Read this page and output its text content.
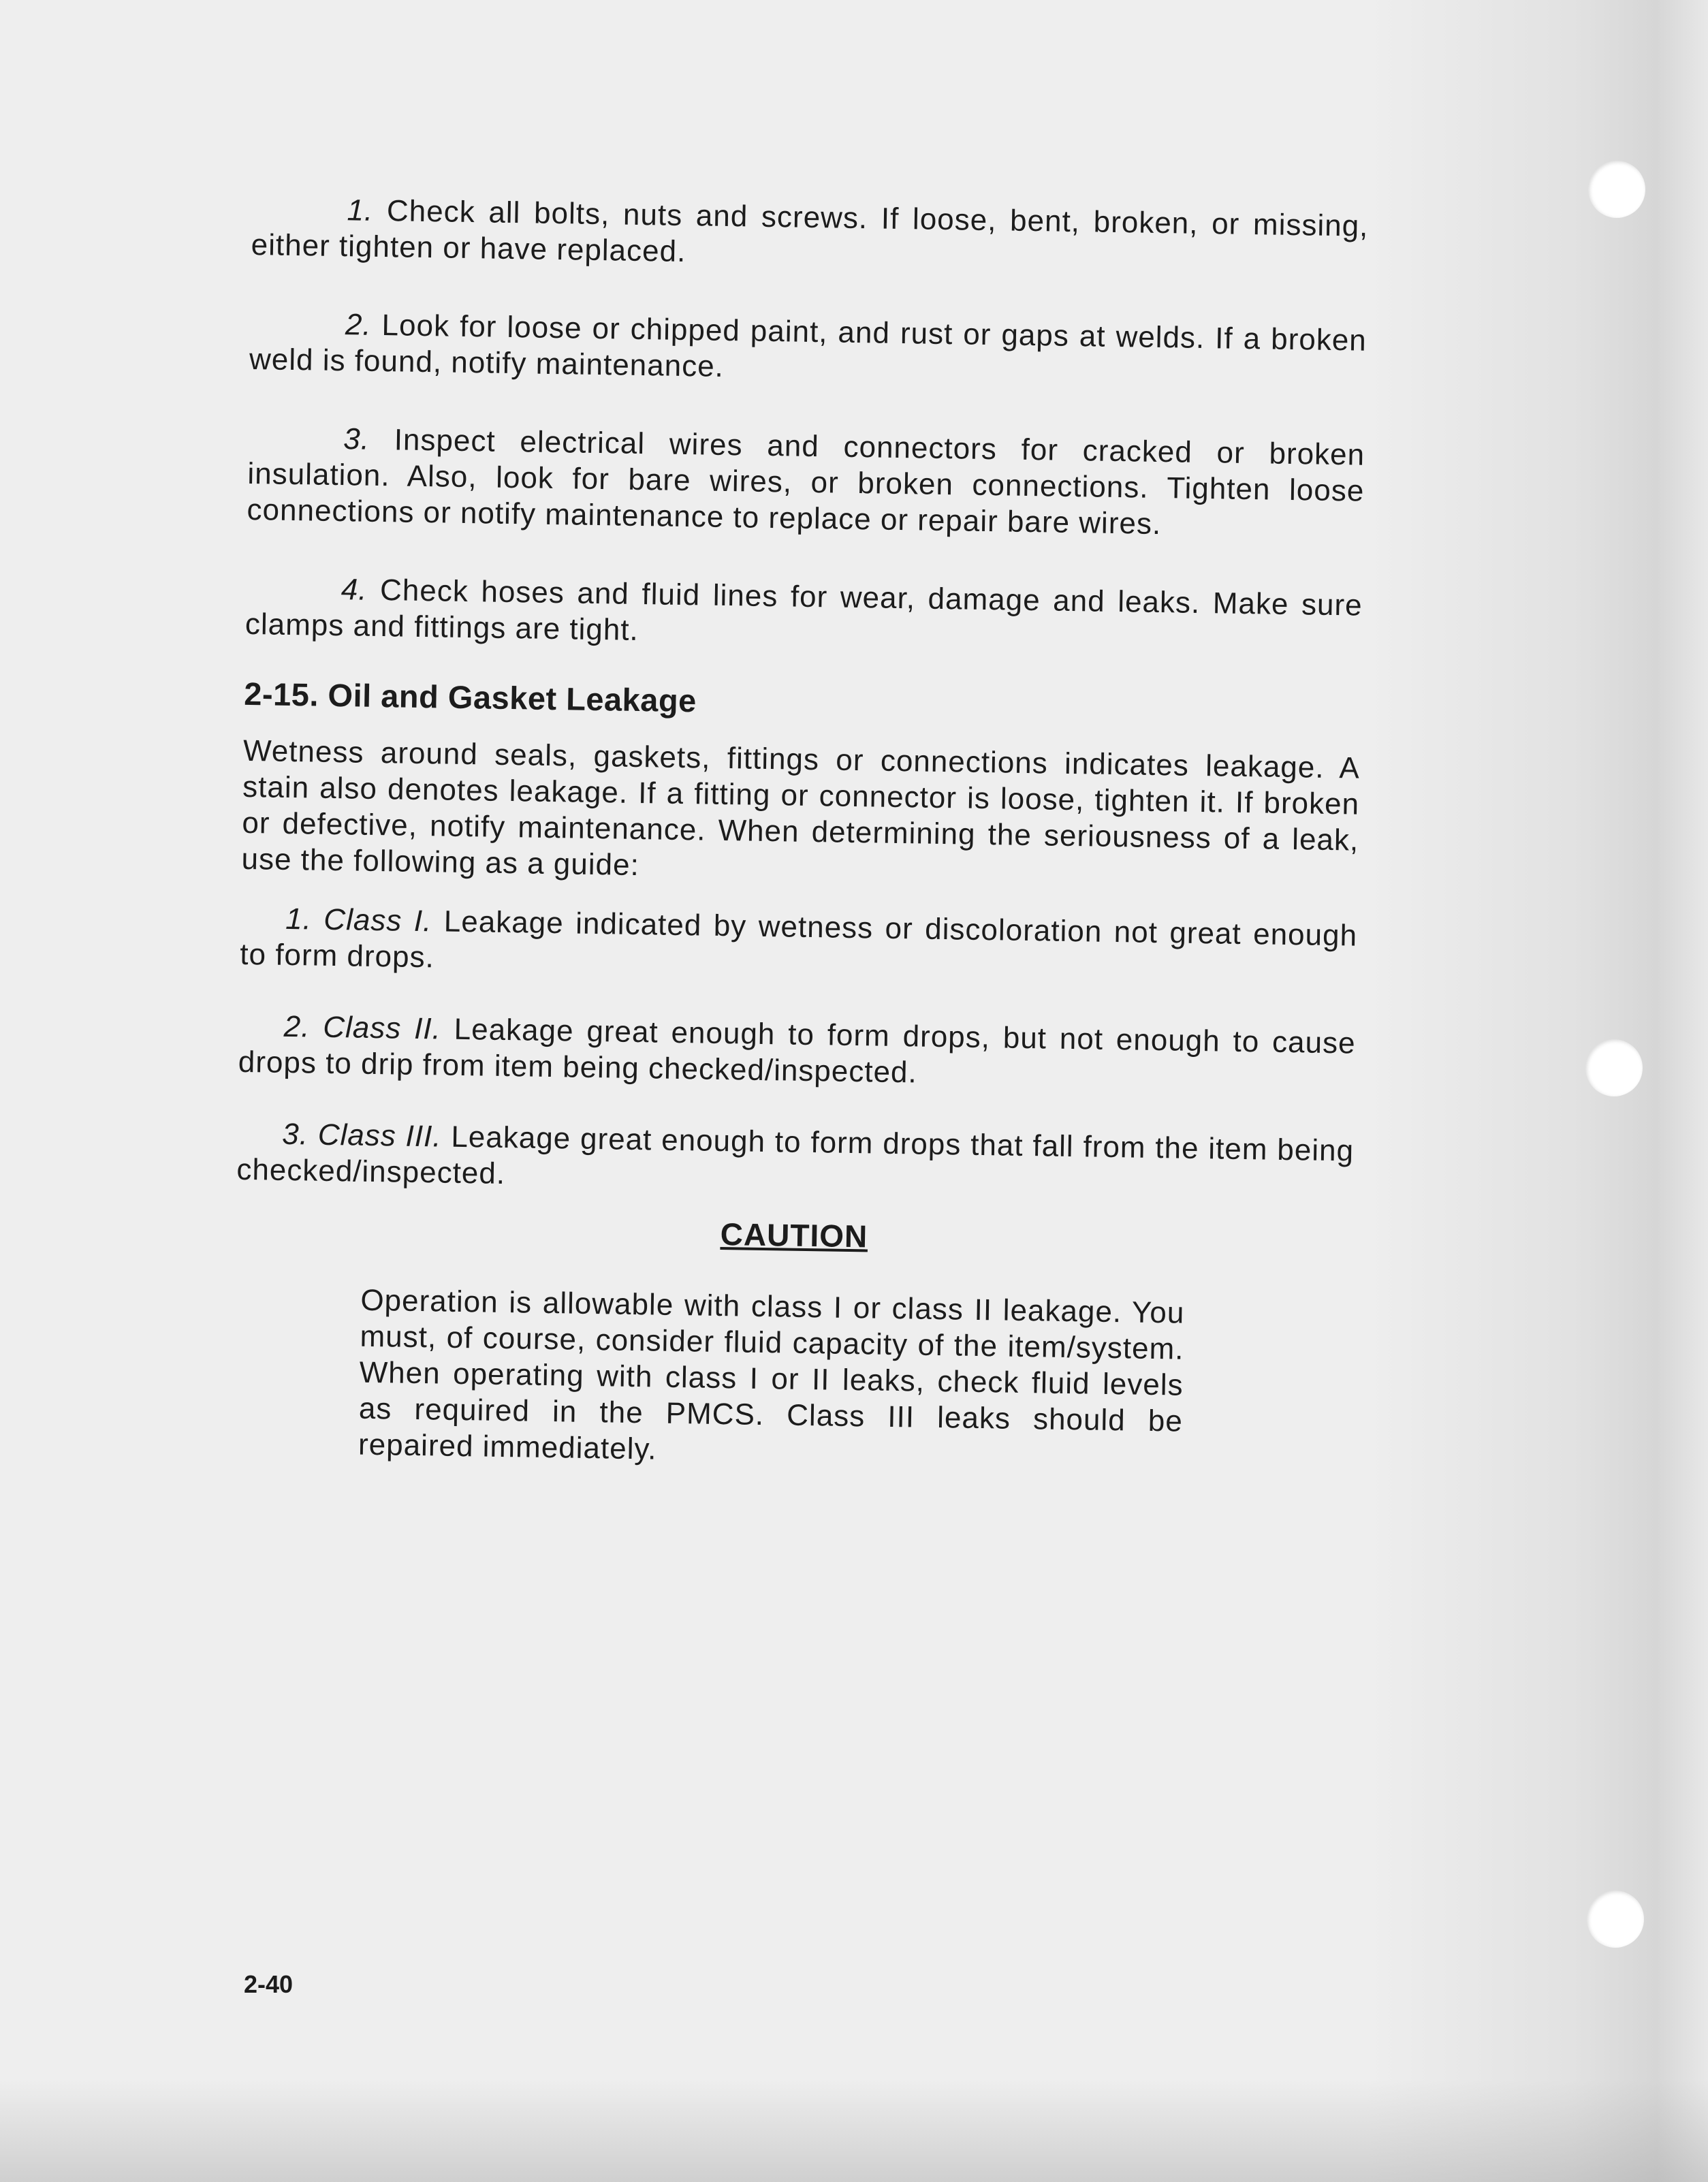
1. Check all bolts, nuts and screws. If loose, bent, broken, or missing, either tighten or have replaced.

2. Look for loose or chipped paint, and rust or gaps at welds. If a broken weld is found, notify maintenance.

3. Inspect electrical wires and connectors for cracked or broken insulation. Also, look for bare wires, or broken connections. Tighten loose connections or notify maintenance to replace or repair bare wires.

4. Check hoses and fluid lines for wear, damage and leaks. Make sure clamps and fittings are tight.

2-15. Oil and Gasket Leakage

Wetness around seals, gaskets, fittings or connections indicates leakage. A stain also denotes leakage. If a fitting or connector is loose, tighten it. If broken or defective, notify maintenance. When determining the seriousness of a leak, use the following as a guide:

1. Class I. Leakage indicated by wetness or discoloration not great enough to form drops.

2. Class II. Leakage great enough to form drops, but not enough to cause drops to drip from item being checked/inspected.

3. Class III. Leakage great enough to form drops that fall from the item being checked/inspected.

CAUTION
Operation is allowable with class I or class II leakage. You must, of course, consider fluid capacity of the item/system. When operating with class I or II leaks, check fluid levels as required in the PMCS. Class III leaks should be repaired immediately.
2-40
